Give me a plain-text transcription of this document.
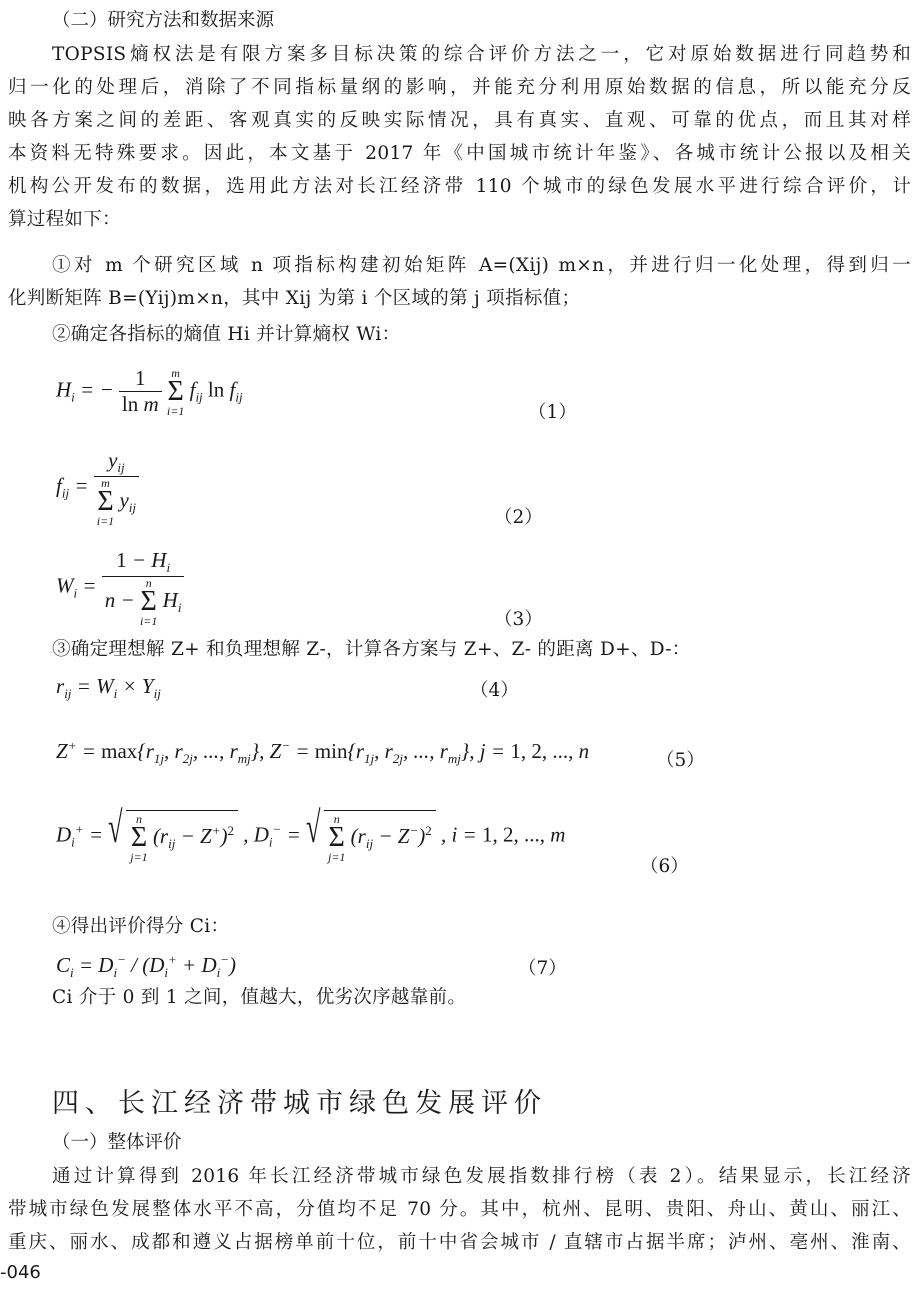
（二）研究方法和数据来源

TOPSIS熵权法是有限方案多目标决策的综合评价方法之一，它对原始数据进行同趋势和
归一化的处理后，消除了不同指标量纲的影响，并能充分利用原始数据的信息，所以能充分反
映各方案之间的差距、客观真实的反映实际情况，具有真实、直观、可靠的优点，而且其对样
本资料无特殊要求。因此，本文基于 2017 年《中国城市统计年鉴》、各城市统计公报以及相关
机构公开发布的数据，选用此方法对长江经济带 110 个城市的绿色发展水平进行综合评价，计
算过程如下：

①对 m 个研究区域 n 项指标构建初始矩阵 A=(Xij) m×n，并进行归一化处理，得到归一
化判断矩阵 B=(Yij)m×n，其中 Xij 为第 i 个区域的第 j 项指标值；

②确定各指标的熵值 Hi 并计算熵权 Wi：

$H_i$ = − $\frac{1}{\text{ln m}}$
m
Σ
i=1
$f_{ij}$ $\ln f_{ij}$
（1）
$f_{ij} = y_{ij}$
m
Σ
i=1
$y_{ij}$	（2）
$W_i = 1 - H_i$
n −
n
Σ
i=1
$H_i$	（3）

③确定理想解 Z+ 和负理想解 Z-，计算各方案与 Z+、Z- 的距离 D+、D-：

$r_{ij} = W_i \times Y_{ij}$	（4）
$Z^+ = \max\{r_{1j}$, $r_{2j}$, ..., $r_{mj}$}, $Z^- = \min\{r_{1j}$, $r_{2j}$, ..., $r_{mj}$}, j = 1, 2, ..., n	（5）
$D_i^+$ = √	n
Σ
j=1
$(r_{ij} - Z^+)^2$ , $D_i^-$ = √	n
Σ
j=1
$(r_{ij} - Z^-)^2$ , i = 1, 2, ..., m
（6）

④得出评价得分 Ci：

$C_i = D_i^- / (D_i^+ + D_i^-)$	（7）

Ci 介于 0 到 1 之间，值越大，优劣次序越靠前。

四、长江经济带城市绿色发展评价
（一）整体评价

通过计算得到 2016 年长江经济带城市绿色发展指数排行榜（表 2）。结果显示，长江经济
带城市绿色发展整体水平不高，分值均不足 70 分。其中，杭州、昆明、贵阳、舟山、黄山、丽江、
重庆、丽水、成都和遵义占据榜单前十位，前十中省会城市 / 直辖市占据半席；泸州、亳州、淮南、

-046
